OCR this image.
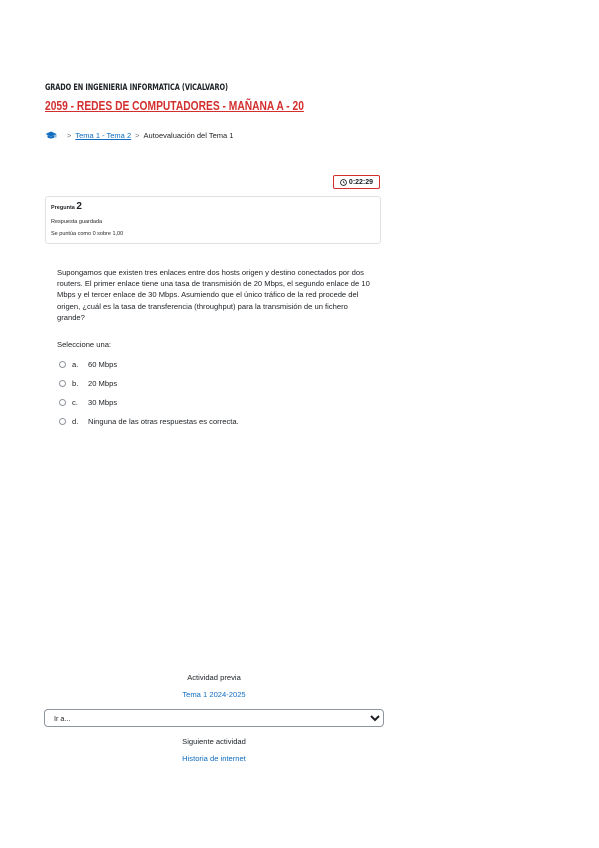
GRADO EN INGENIERIA INFORMATICA (VICALVARO)
2059 - REDES DE COMPUTADORES - MAÑANA A - 20
> Tema 1 - Tema 2 > Autoevaluación del Tema 1
0:22:29
Pregunta 2
Respuesta guardada
Se puntúa como 0 sobre 1,00
Supongamos que existen tres enlaces entre dos hosts origen y destino conectados por dos routers. El primer enlace tiene una tasa de transmisión de 20 Mbps, el segundo enlace de 10 Mbps y el tercer enlace de 30 Mbps. Asumiendo que el único tráfico de la red procede del origen, ¿cuál es la tasa de transferencia (throughput) para la transmisión de un fichero grande?
Seleccione una:
a.	60 Mbps
b.	20 Mbps
c.	30 Mbps
d.	Ninguna de las otras respuestas es correcta.
Actividad previa
Tema 1 2024-2025
Ir a...
Siguiente actividad
Historia de internet
